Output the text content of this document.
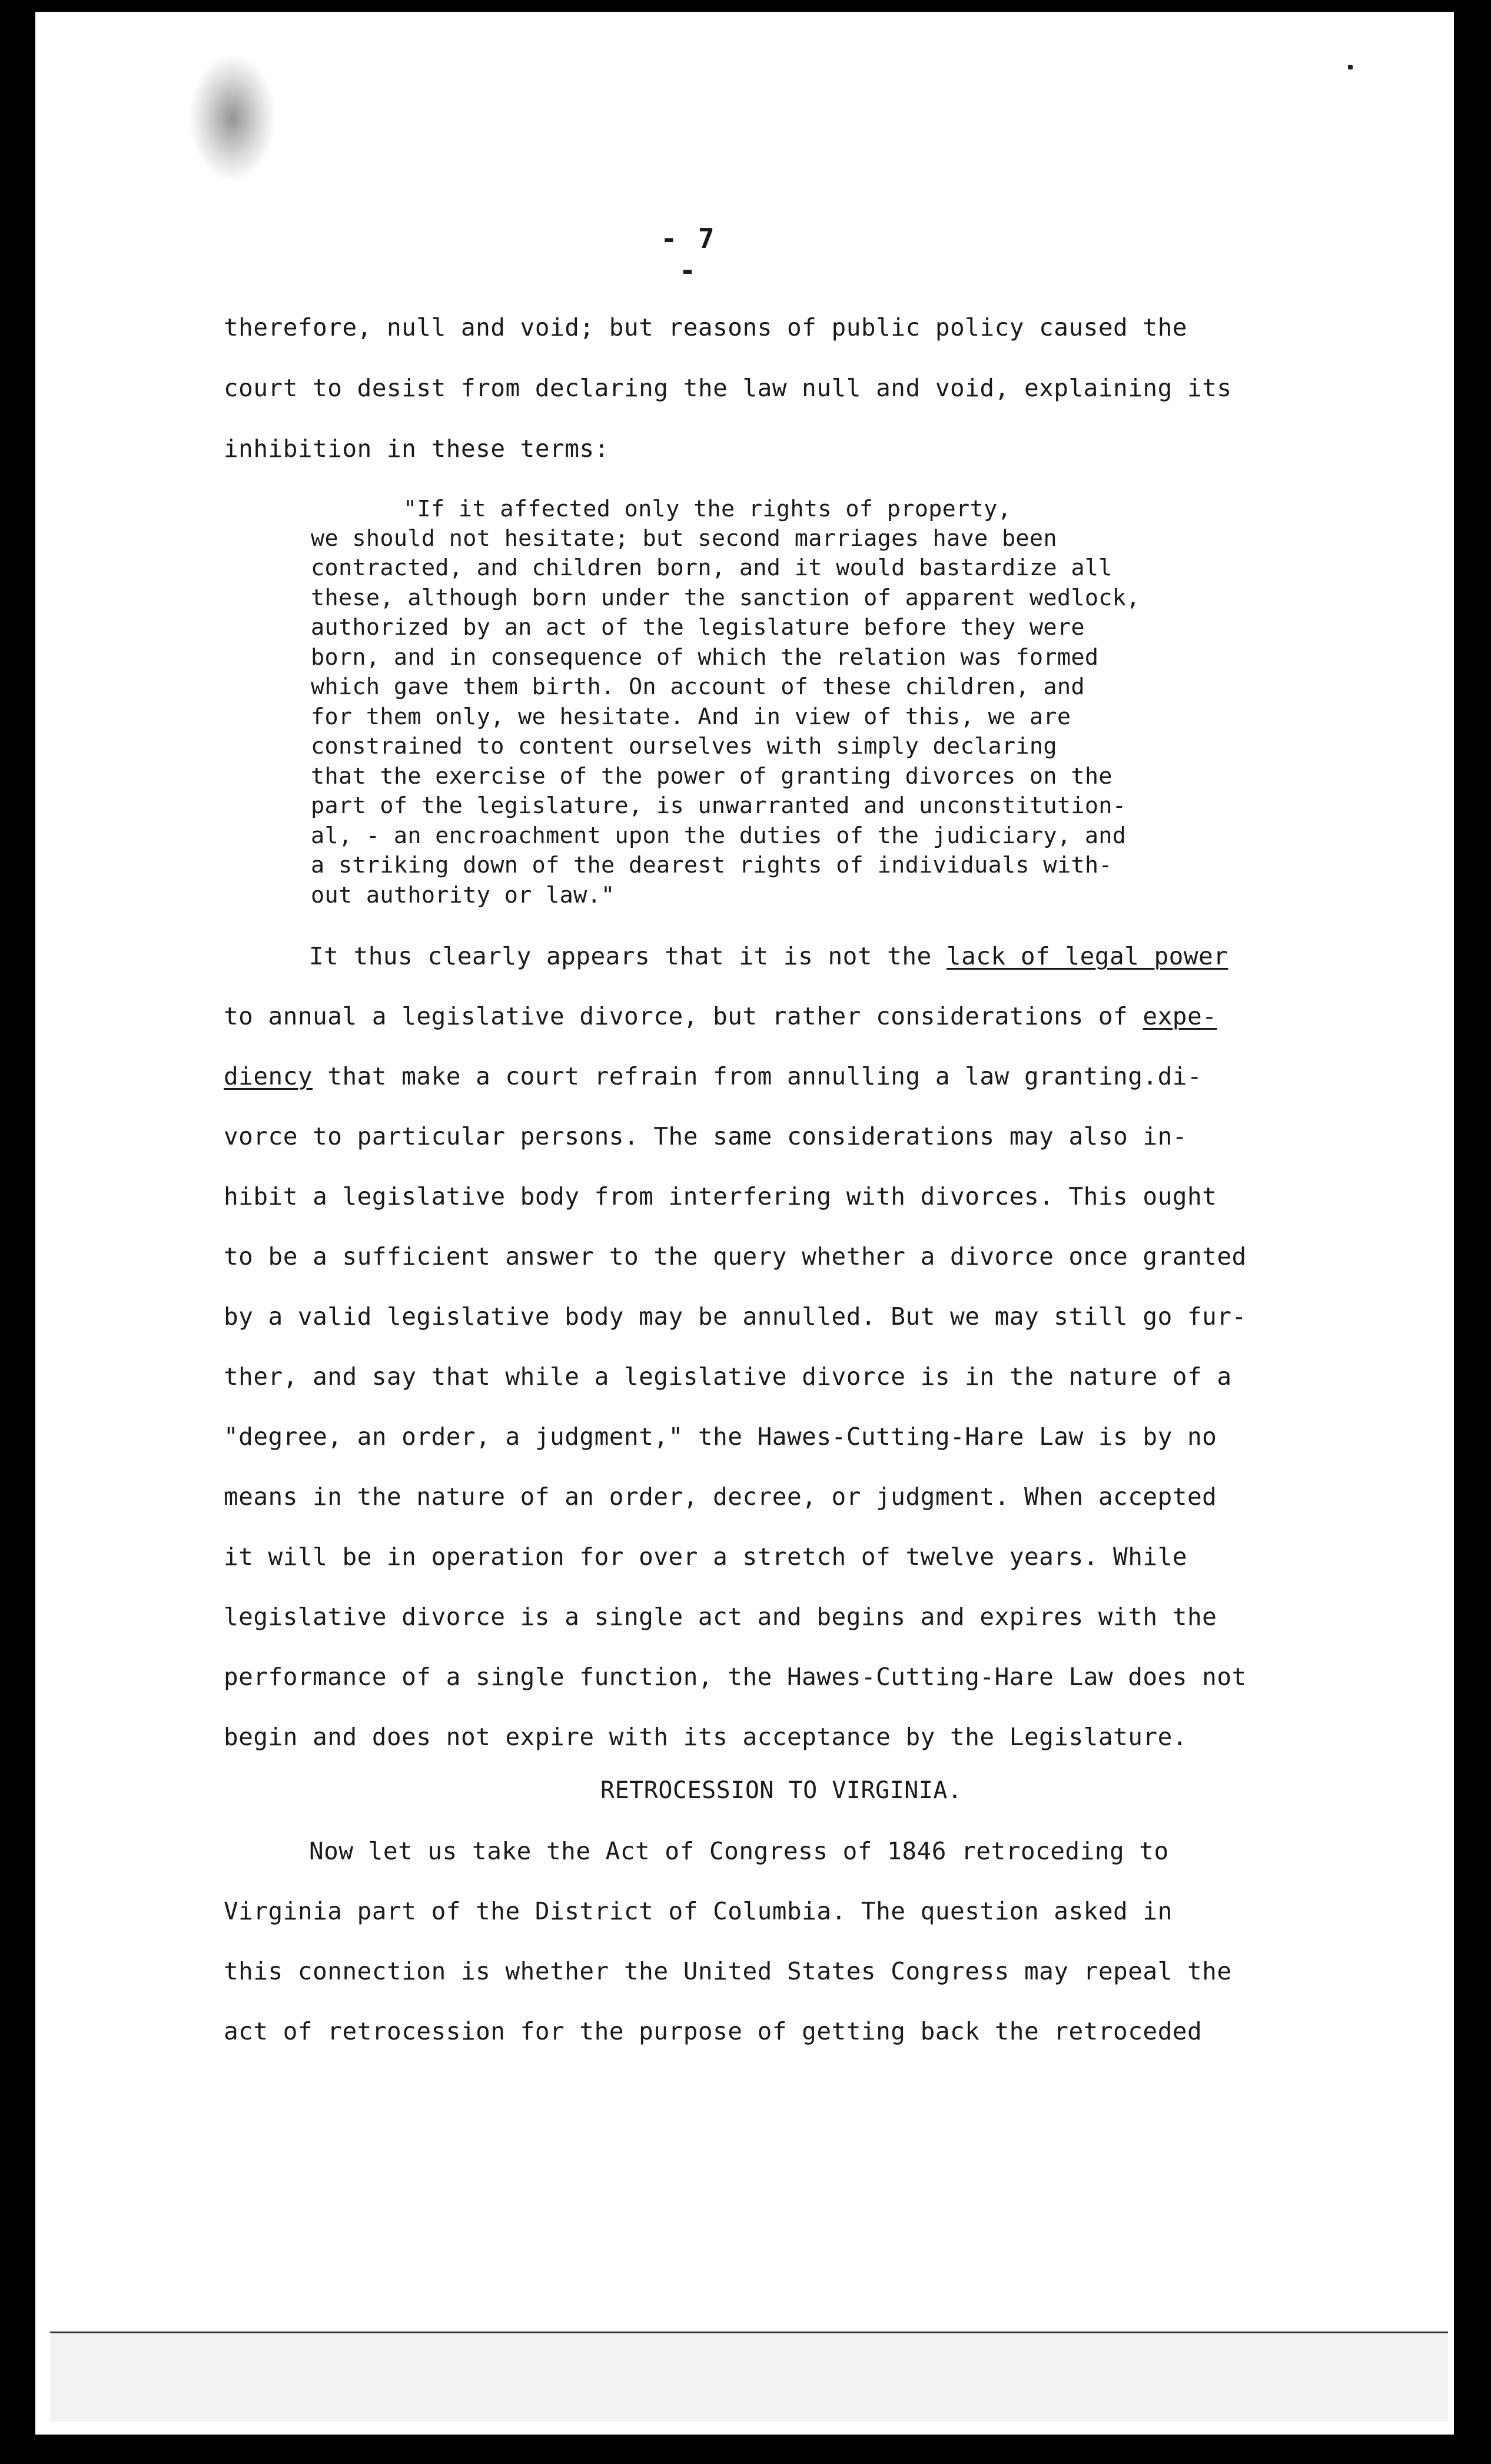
- 7 -
therefore, null and void; but reasons of public policy caused the
court to desist from declaring the law null and void, explaining its
inhibition in these terms:
"If it affected only the rights of property,
we should not hesitate; but second marriages have been
contracted, and children born, and it would bastardize all
these, although born under the sanction of apparent wedlock,
authorized by an act of the legislature before they were
born, and in consequence of which the relation was formed
which gave them birth. On account of these children, and
for them only, we hesitate. And in view of this, we are
constrained to content ourselves with simply declaring
that the exercise of the power of granting divorces on the
part of the legislature, is unwarranted and unconstitution-
al, - an encroachment upon the duties of the judiciary, and
a striking down of the dearest rights of individuals with-
out authority or law."
It thus clearly appears that it is not the lack of legal power
to annual a legislative divorce, but rather considerations of expe-
diency that make a court refrain from annulling a law granting.di-
vorce to particular persons. The same considerations may also in-
hibit a legislative body from interfering with divorces. This ought
to be a sufficient answer to the query whether a divorce once granted
by a valid legislative body may be annulled. But we may still go fur-
ther, and say that while a legislative divorce is in the nature of a
"degree, an order, a judgment," the Hawes-Cutting-Hare Law is by no
means in the nature of an order, decree, or judgment. When accepted
it will be in operation for over a stretch of twelve years. While
legislative divorce is a single act and begins and expires with the
performance of a single function, the Hawes-Cutting-Hare Law does not
begin and does not expire with its acceptance by the Legislature.
RETROCESSION TO VIRGINIA.
Now let us take the Act of Congress of 1846 retroceding to
Virginia part of the District of Columbia. The question asked in
this connection is whether the United States Congress may repeal the
act of retrocession for the purpose of getting back the retroceded
